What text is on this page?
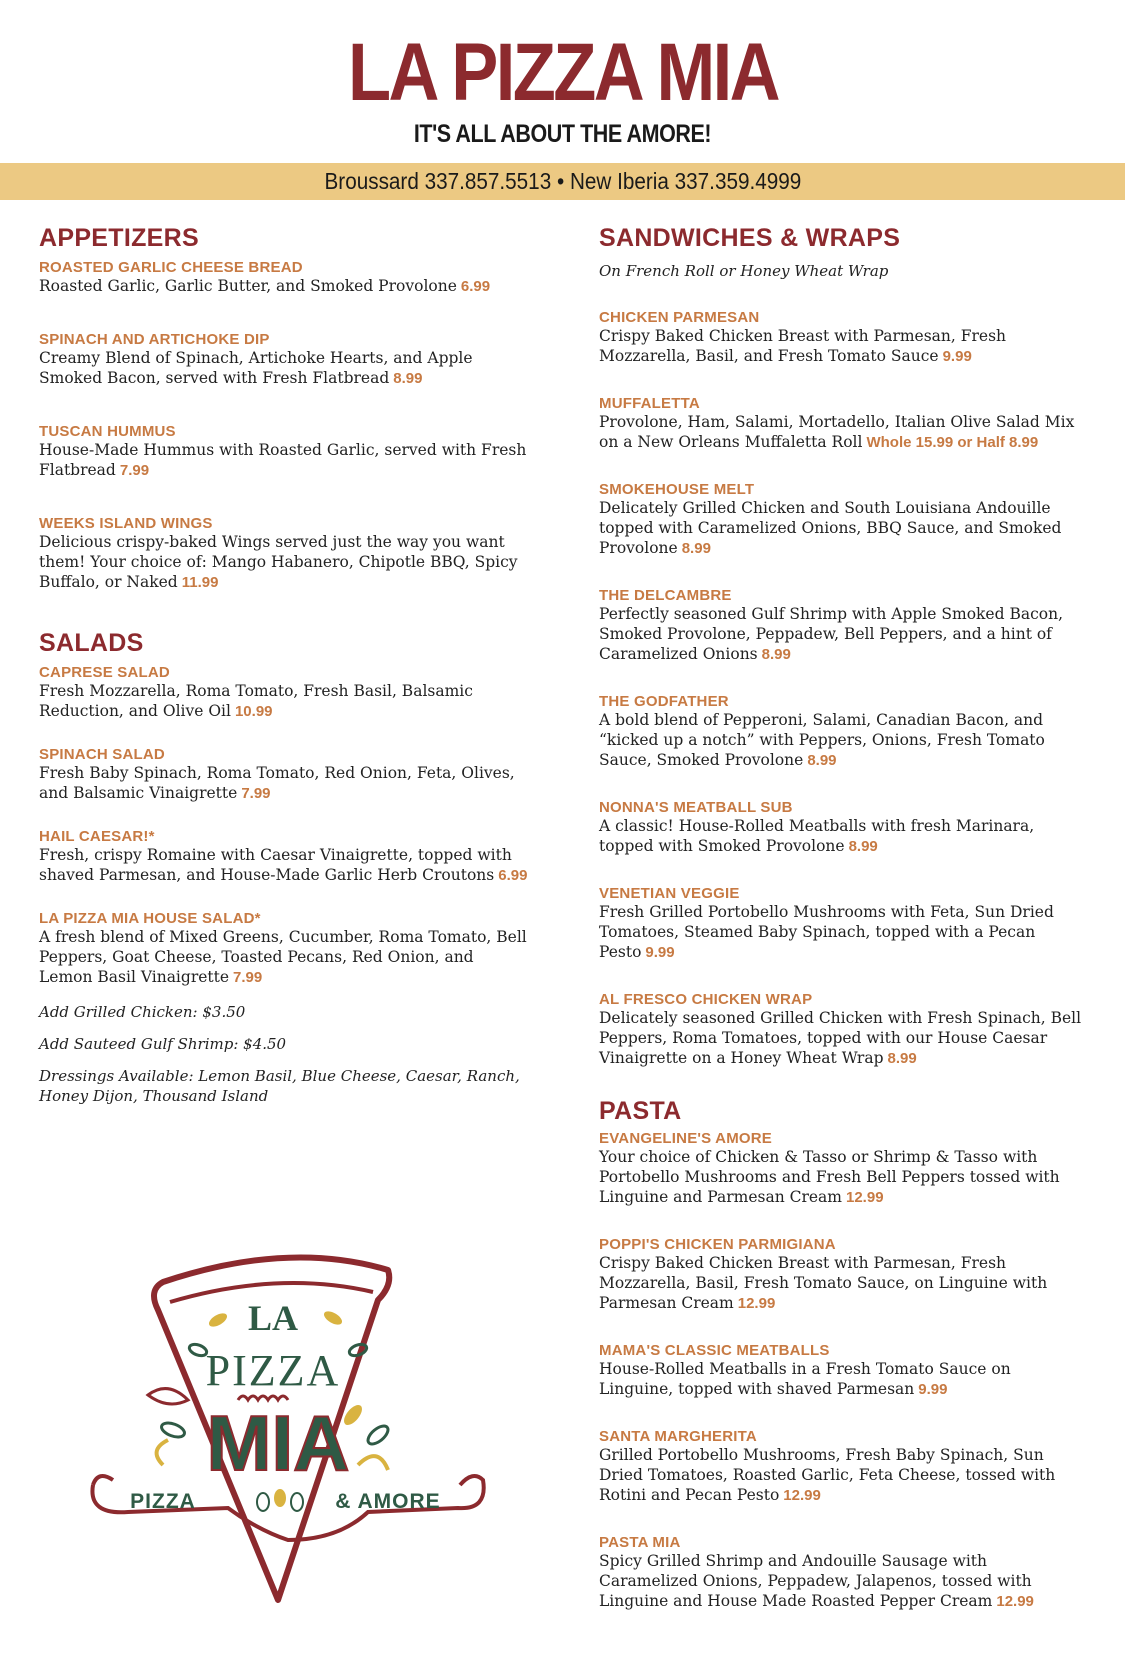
LA PIZZA MIA
IT'S ALL ABOUT THE AMORE!
Broussard 337.857.5513 • New Iberia 337.359.4999
APPETIZERS
ROASTED GARLIC CHEESE BREAD
Roasted Garlic, Garlic Butter, and Smoked Provolone 6.99
SPINACH AND ARTICHOKE DIP
Creamy Blend of Spinach, Artichoke Hearts, and Apple Smoked Bacon, served with Fresh Flatbread 8.99
TUSCAN HUMMUS
House-Made Hummus with Roasted Garlic, served with Fresh Flatbread 7.99
WEEKS ISLAND WINGS
Delicious crispy-baked Wings served just the way you want them! Your choice of: Mango Habanero, Chipotle BBQ, Spicy Buffalo, or Naked 11.99
SALADS
CAPRESE SALAD
Fresh Mozzarella, Roma Tomato, Fresh Basil, Balsamic Reduction, and Olive Oil 10.99
SPINACH SALAD
Fresh Baby Spinach, Roma Tomato, Red Onion, Feta, Olives, and Balsamic Vinaigrette 7.99
HAIL CAESAR!*
Fresh, crispy Romaine with Caesar Vinaigrette, topped with shaved Parmesan, and House-Made Garlic Herb Croutons 6.99
LA PIZZA MIA HOUSE SALAD*
A fresh blend of Mixed Greens, Cucumber, Roma Tomato, Bell Peppers, Goat Cheese, Toasted Pecans, Red Onion, and Lemon Basil Vinaigrette 7.99
Add Grilled Chicken: $3.50
Add Sauteed Gulf Shrimp: $4.50
Dressings Available: Lemon Basil, Blue Cheese, Caesar, Ranch, Honey Dijon, Thousand Island
SANDWICHES & WRAPS
On French Roll or Honey Wheat Wrap
CHICKEN PARMESAN
Crispy Baked Chicken Breast with Parmesan, Fresh Mozzarella, Basil, and Fresh Tomato Sauce 9.99
MUFFALETTA
Provolone, Ham, Salami, Mortadello, Italian Olive Salad Mix on a New Orleans Muffaletta Roll Whole 15.99 or Half 8.99
SMOKEHOUSE MELT
Delicately Grilled Chicken and South Louisiana Andouille topped with Caramelized Onions, BBQ Sauce, and Smoked Provolone 8.99
THE DELCAMBRE
Perfectly seasoned Gulf Shrimp with Apple Smoked Bacon, Smoked Provolone, Peppadew, Bell Peppers, and a hint of Caramelized Onions 8.99
THE GODFATHER
A bold blend of Pepperoni, Salami, Canadian Bacon, and “kicked up a notch” with Peppers, Onions, Fresh Tomato Sauce, Smoked Provolone 8.99
NONNA'S MEATBALL SUB
A classic! House-Rolled Meatballs with fresh Marinara, topped with Smoked Provolone 8.99
VENETIAN VEGGIE
Fresh Grilled Portobello Mushrooms with Feta, Sun Dried Tomatoes, Steamed Baby Spinach, topped with a Pecan Pesto 9.99
AL FRESCO CHICKEN WRAP
Delicately seasoned Grilled Chicken with Fresh Spinach, Bell Peppers, Roma Tomatoes, topped with our House Caesar Vinaigrette on a Honey Wheat Wrap 8.99
PASTA
EVANGELINE'S AMORE
Your choice of Chicken & Tasso or Shrimp & Tasso with Portobello Mushrooms and Fresh Bell Peppers tossed with Linguine and Parmesan Cream 12.99
POPPI'S CHICKEN PARMIGIANA
Crispy Baked Chicken Breast with Parmesan, Fresh Mozzarella, Basil, Fresh Tomato Sauce, on Linguine with Parmesan Cream 12.99
MAMA'S CLASSIC MEATBALLS
House-Rolled Meatballs in a Fresh Tomato Sauce on Linguine, topped with shaved Parmesan 9.99
SANTA MARGHERITA
Grilled Portobello Mushrooms, Fresh Baby Spinach, Sun Dried Tomatoes, Roasted Garlic, Feta Cheese, tossed with Rotini and Pecan Pesto 12.99
PASTA MIA
Spicy Grilled Shrimp and Andouille Sausage with Caramelized Onions, Peppadew, Jalapenos, tossed with Linguine and House Made Roasted Pepper Cream 12.99
LA
PIZZA
MIA
PIZZA	& AMORE
